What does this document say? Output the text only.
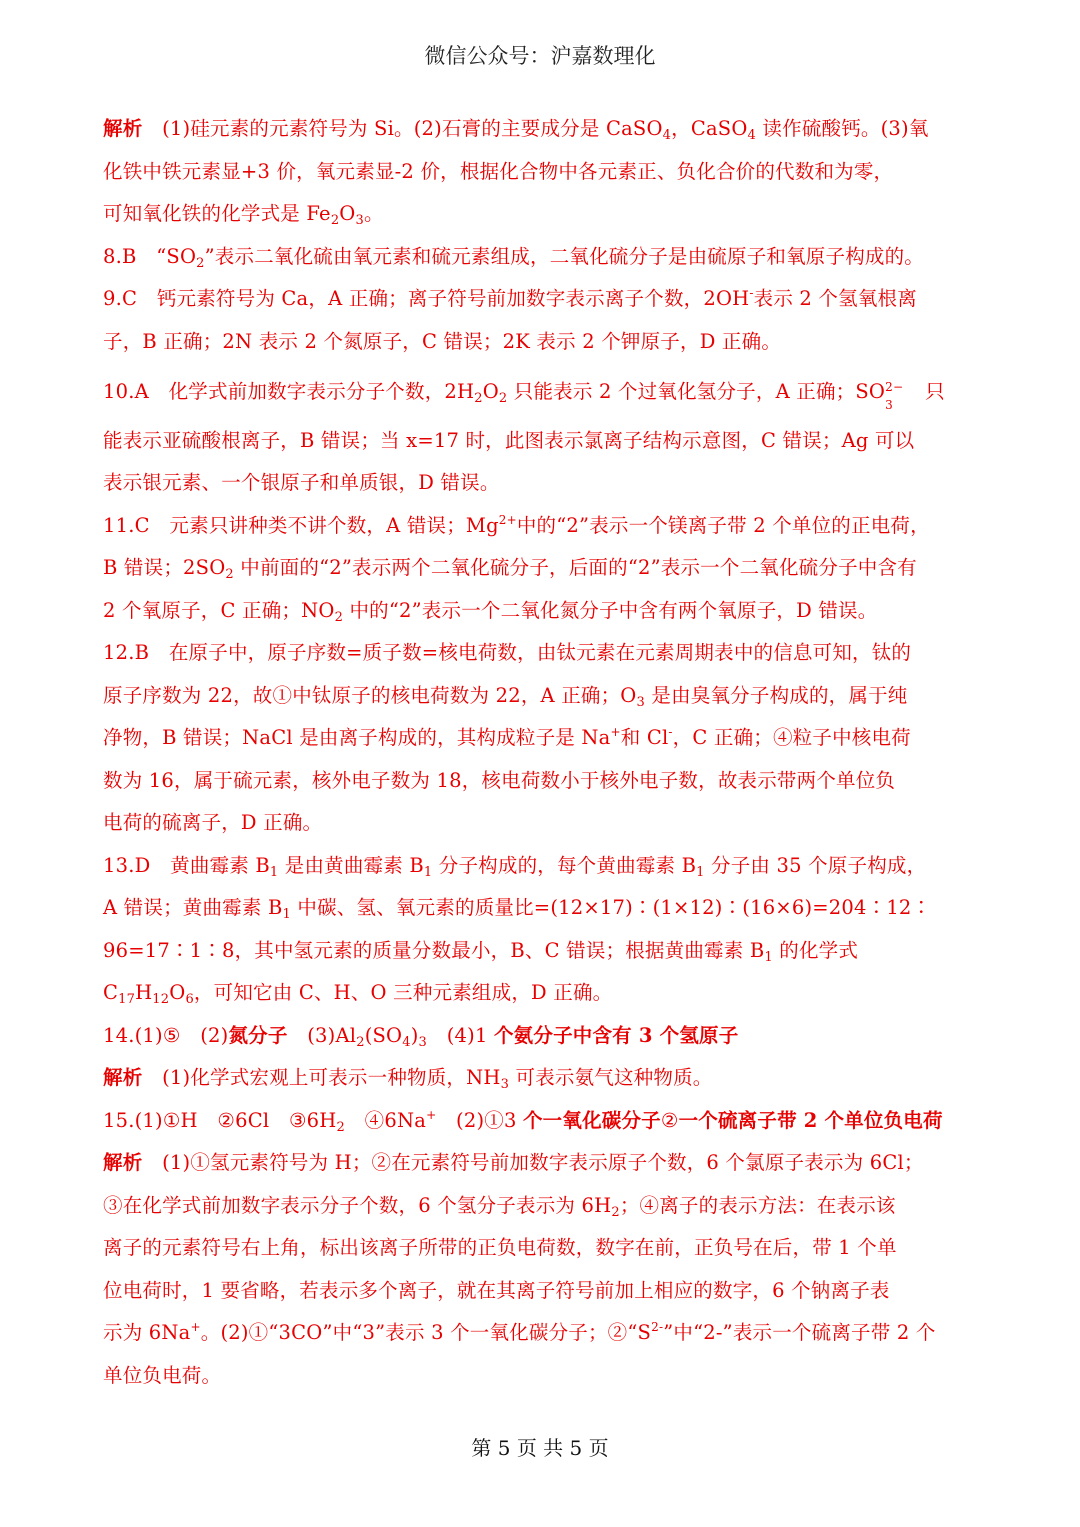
微信公众号：沪嘉数理化
解析　 (1)硅元素的元素符号为 Si。(2)石膏的主要成分是 CaSO$_4$，CaSO$_4$ 读作硫酸钙。(3)氧
化铁中铁元素显+3 价，氧元素显-2 价，根据化合物中各元素正、负化合价的代数和为零，
可知氧化铁的化学式是 $Fe_2O_3$。
8.B　“$SO_2$”表示二氧化硫由氧元素和硫元素组成，二氧化硫分子是由硫原子和氧原子构成的。
9.C　钙元素符号为 Ca，A 正确；离子符号前加数字表示离子个数，2OH-表示 2 个氢氧根离
子，B 正确；2N 表示 2 个氮原子，C 错误；2K 表示 2 个钾原子，D 正确。
10.A　化学式前加数字表示分子个数，$2H_2O_2$ 只能表示 2 个过氧化氢分子，A 正确；SO 2−
3
只
能表示亚硫酸根离子，B 错误；当 x=17 时，此图表示氯离子结构示意图，C 错误；Ag 可以
表示银元素、一个银原子和单质银，D 错误。
11.C　元素只讲种类不讲个数，A 错误；$Mg^{2+}$中的“2”表示一个镁离子带 2 个单位的正电荷，
B 错误；$2SO_2$ 中前面的“2”表示两个二氧化硫分子，后面的“2”表示一个二氧化硫分子中含有
2 个氧原子，C 正确；$NO_2$ 中的“2”表示一个二氧化氮分子中含有两个氧原子，D 错误。
12.B　在原子中，原子序数=质子数=核电荷数，由钛元素在元素周期表中的信息可知，钛的
原子序数为 22，故①中钛原子的核电荷数为 22，A 正确；$O_3$ 是由臭氧分子构成的，属于纯
净物，B 错误；NaCl 是由离子构成的，其构成粒子是 Na+和 Cl-，C 正确；④粒子中核电荷
数为 16，属于硫元素，核外电子数为 18，核电荷数小于核外电子数，故表示带两个单位负
电荷的硫离子，D 正确。
13.D　黄曲霉素 $B_1$ 是由黄曲霉素 $B_1$ 分子构成的，每个黄曲霉素 $B_1$ 分子由 35 个原子构成，
A 错误；黄曲霉素 $B_1$ 中碳、氢、氧元素的质量比=(12×17)∶(1×12)∶(16×6)=204∶12∶
96=17∶1∶8，其中氢元素的质量分数最小，B、C 错误；根据黄曲霉素 $B_1$ 的化学式
$C_{17}H_{12}O_6$，可知它由 C、H、O 三种元素组成，D 正确。
14.(1)⑤　(2)氮分子　$(3)Al_2(SO_4)_3$　(4)1 个氨分子中含有 3 个氢原子
解析　(1)化学式宏观上可表示一种物质，$NH_3$ 可表示氨气这种物质。
15.(1)①H　②6Cl　$③6H_2$　④6Na+　(2)①3 个一氧化碳分子②一个硫离子带 2 个单位负电荷
解析　(1)①氢元素符号为 H；②在元素符号前加数字表示原子个数，6 个氯原子表示为 6Cl；
③在化学式前加数字表示分子个数，6 个氢分子表示为 $6H_2$；④离子的表示方法：在表示该
离子的元素符号右上角，标出该离子所带的正负电荷数，数字在前，正负号在后，带 1 个单
位电荷时，1 要省略，若表示多个离子，就在其离子符号前加上相应的数字，6 个钠离子表
示为 6Na+。(2)①“3CO”中“3”表示 3 个一氧化碳分子；$②“S^{2-}$”中“2-”表示一个硫离子带 2 个
单位负电荷。
第 5 页 共 5 页
